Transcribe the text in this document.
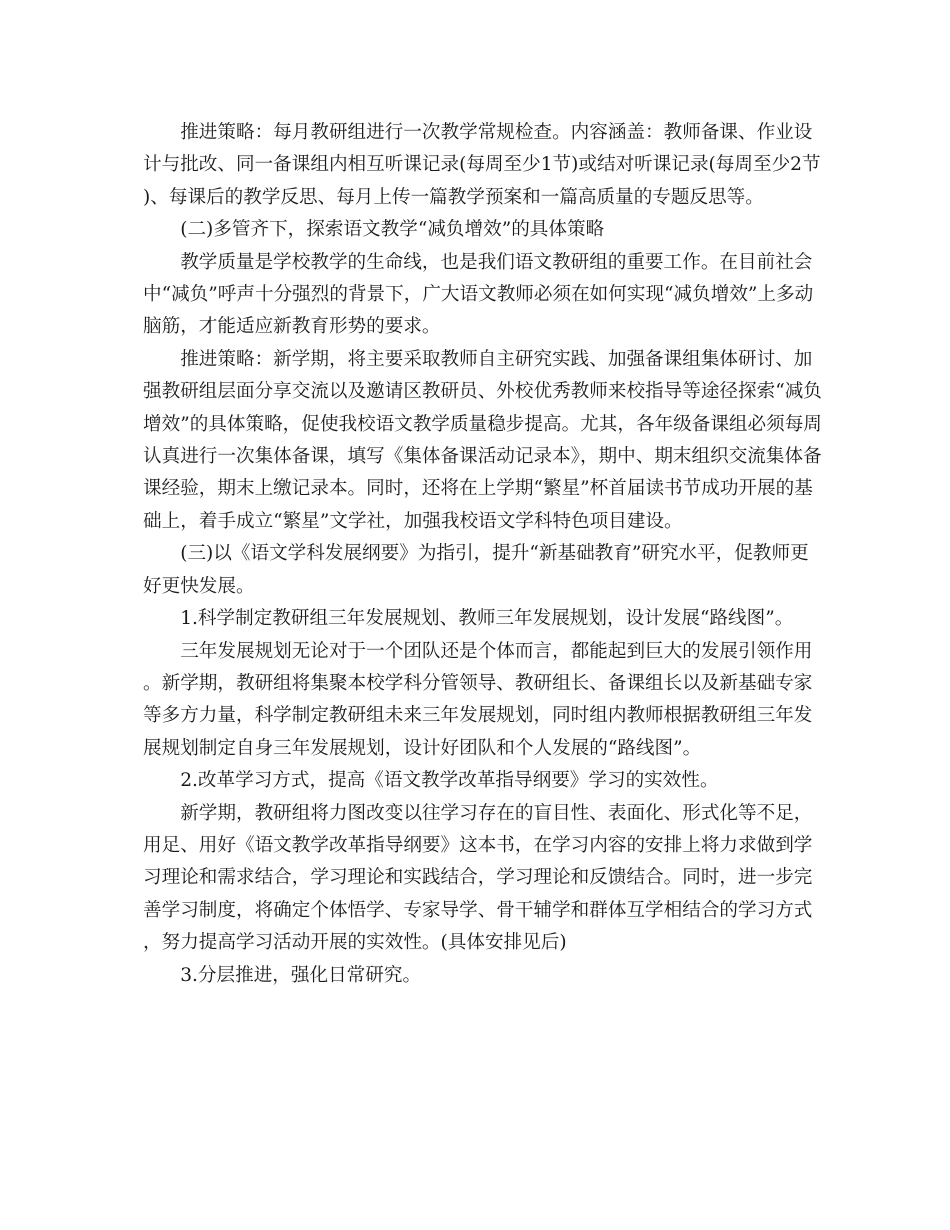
推进策略：每月教研组进行一次教学常规检查。内容涵盖：教师备课、作业设计与批改、同一备课组内相互听课记录(每周至少1节)或结对听课记录(每周至少2节)、每课后的教学反思、每月上传一篇教学预案和一篇高质量的专题反思等。

(二)多管齐下，探索语文教学“减负增效”的具体策略

教学质量是学校教学的生命线，也是我们语文教研组的重要工作。在目前社会中“减负”呼声十分强烈的背景下，广大语文教师必须在如何实现“减负增效”上多动脑筋，才能适应新教育形势的要求。

推进策略：新学期，将主要采取教师自主研究实践、加强备课组集体研讨、加强教研组层面分享交流以及邀请区教研员、外校优秀教师来校指导等途径探索“减负增效”的具体策略，促使我校语文教学质量稳步提高。尤其，各年级备课组必须每周认真进行一次集体备课，填写《集体备课活动记录本》，期中、期末组织交流集体备课经验，期末上缴记录本。同时，还将在上学期“繁星”杯首届读书节成功开展的基础上，着手成立“繁星”文学社，加强我校语文学科特色项目建设。

(三)以《语文学科发展纲要》为指引，提升“新基础教育”研究水平，促教师更好更快发展。

1.科学制定教研组三年发展规划、教师三年发展规划，设计发展“路线图”。

三年发展规划无论对于一个团队还是个体而言，都能起到巨大的发展引领作用。新学期，教研组将集聚本校学科分管领导、教研组长、备课组长以及新基础专家等多方力量，科学制定教研组未来三年发展规划，同时组内教师根据教研组三年发展规划制定自身三年发展规划，设计好团队和个人发展的“路线图”。

2.改革学习方式，提高《语文教学改革指导纲要》学习的实效性。

新学期，教研组将力图改变以往学习存在的盲目性、表面化、形式化等不足，用足、用好《语文教学改革指导纲要》这本书，在学习内容的安排上将力求做到学习理论和需求结合，学习理论和实践结合，学习理论和反馈结合。同时，进一步完善学习制度，将确定个体悟学、专家导学、骨干辅学和群体互学相结合的学习方式，努力提高学习活动开展的实效性。(具体安排见后)

3.分层推进，强化日常研究。
